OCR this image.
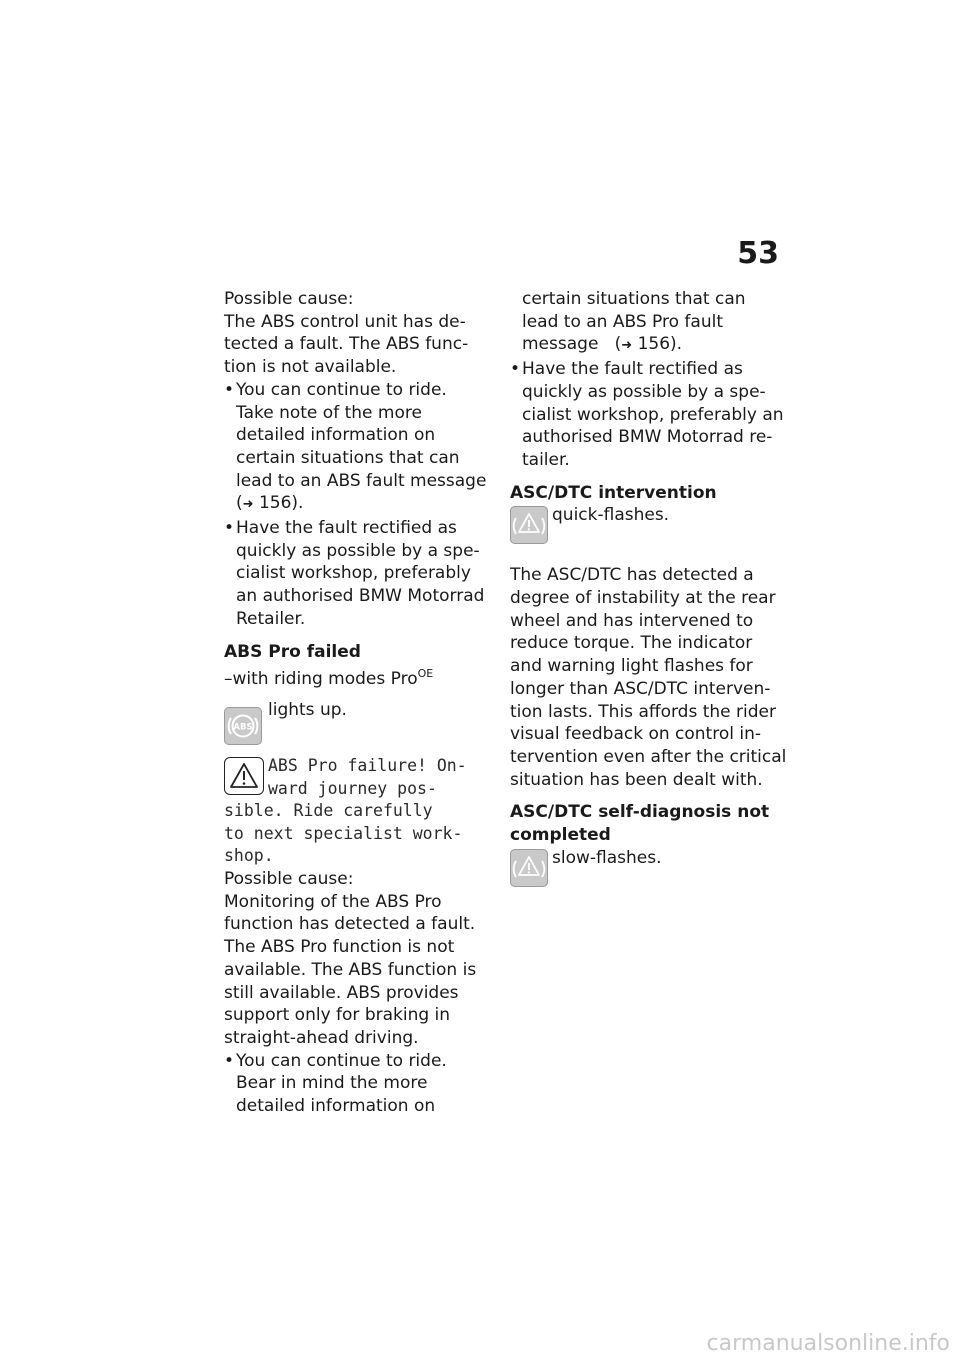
53
Possible cause:
The ABS control unit has de-
tected a fault. The ABS func-
tion is not available.
• You can continue to ride.
Take note of the more
detailed information on
certain situations that can
lead to an ABS fault message
(➜ 156).
• Have the fault rectified as
quickly as possible by a spe-
cialist workshop, preferably
an authorised BMW Motorrad
Retailer.
ABS Pro failed
–with riding modes Pro$^{OE}$
ABS
lights up.
ABS Pro failure! On-
ward journey pos-
sible. Ride carefully
to next specialist work-
shop.
Possible cause:
Monitoring of the ABS Pro
function has detected a fault.
The ABS Pro function is not
available. The ABS function is
still available. ABS provides
support only for braking in
straight-ahead driving.
• You can continue to ride.
Bear in mind the more
detailed information on
certain situations that can
lead to an ABS Pro fault
message   (➜ 156).
• Have the fault rectified as
quickly as possible by a spe-
cialist workshop, preferably an
authorised BMW Motorrad re-
tailer.
ASC/DTC intervention
quick-flashes.
The ASC/DTC has detected a
degree of instability at the rear
wheel and has intervened to
reduce torque. The indicator
and warning light flashes for
longer than ASC/DTC interven-
tion lasts. This affords the rider
visual feedback on control in-
tervention even after the critical
situation has been dealt with.
ASC/DTC self-diagnosis not
completed
slow-flashes.
carmanualsonline.info
